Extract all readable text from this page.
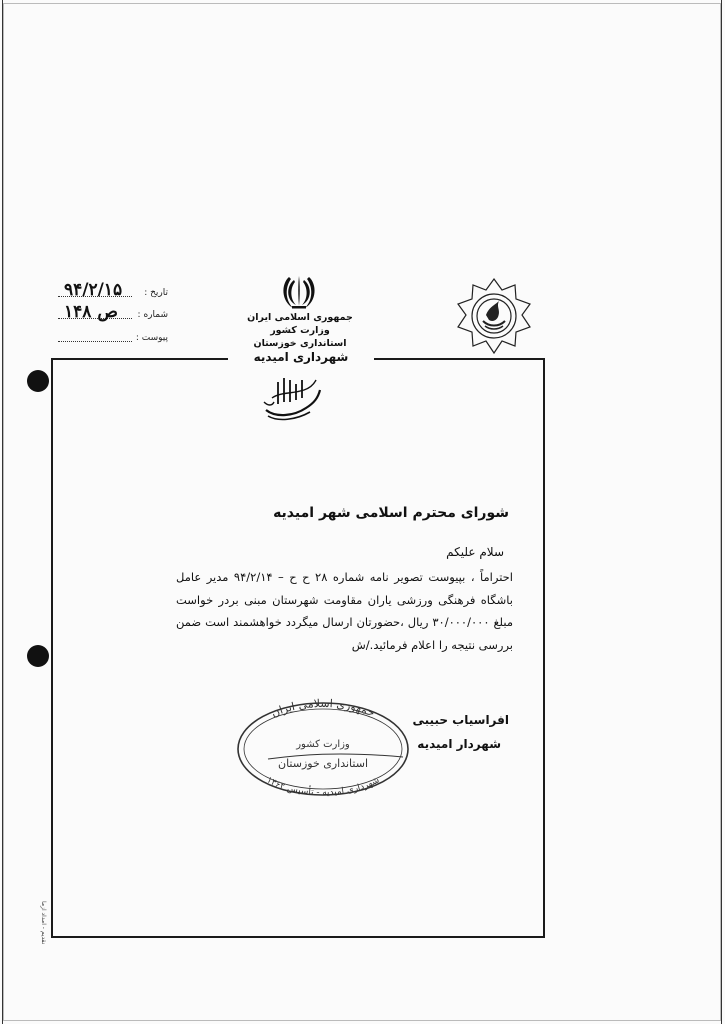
تاریخ :
۹۴/۲/۱۵
شماره :
۱۴۸ ص
پیوست :
جمهوری اسلامی ایران
وزارت کشور
استانداری خوزستان
شهرداری امیدیه
شورای محترم اسلامی شهر امیدیه
سلام علیکم
احتراماً ، بپیوست تصویر نامه شماره ۲۸ ح ح – ۹۴/۲/۱۴ مدیر عامل باشگاه فرهنگی ورزشی یاران مقاومت شهرستان مبنی بردر خواست مبلغ ۳۰/۰۰۰/۰۰۰ ریال ،حضورتان ارسال میگردد خواهشمند است ضمن بررسی نتیجه را اعلام فرمائید./ش
جمهوری اسلامی ایران
وزارت کشور
استانداری خوزستان
شهرداری امیدیه - تأسیس ۱۳۶۲
افراسیاب حبیبی
شهردار امیدیه
نقدیم - امداد آزما
